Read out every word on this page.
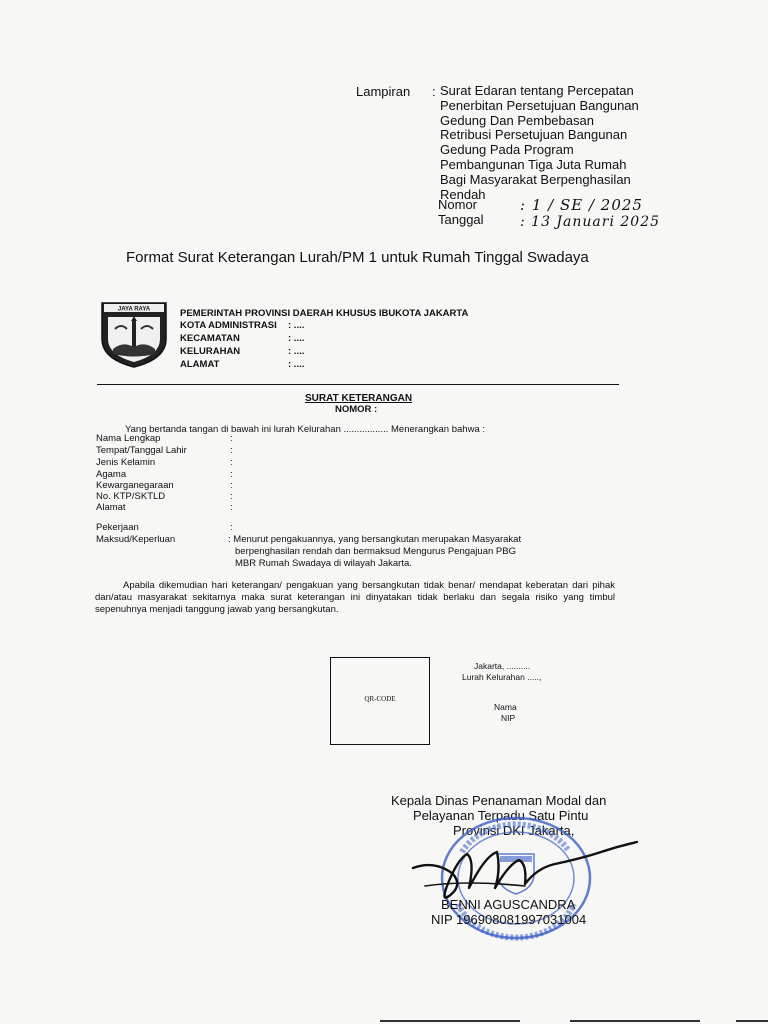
Lampiran : Surat Edaran tentang Percepatan
Penerbitan Persetujuan Bangunan
Gedung Dan Pembebasan
Retribusi Persetujuan Bangunan
Gedung Pada Program
Pembangunan Tiga Juta Rumah
Bagi Masyarakat Berpenghasilan
Rendah
Nomor	: 1 / SE / 2025
Tanggal	: 13 Januari 2025
Format Surat Keterangan Lurah/PM 1 untuk Rumah Tinggal Swadaya
JAYA RAYA	PEMERINTAH PROVINSI DAERAH KHUSUS IBUKOTA JAKARTA
KOTA ADMINISTRASI : ....
KECAMATAN	: ....
KELURAHAN	: ....
ALAMAT	: ....
SURAT KETERANGAN
NOMOR :
Yang bertanda tangan di bawah ini lurah Kelurahan ................. Menerangkan bahwa :
Nama Lengkap	:
Tempat/Tanggal Lahir	:
Jenis Kelamin	:
Agama	:
Kewarganegaraan	:
No. KTP/SKTLD	:
Alamat	:
Pekerjaan	:
Maksud/Keperluan	: Menurut pengakuannya, yang bersangkutan merupakan Masyarakat
berpenghasilan rendah dan bermaksud Mengurus Pengajuan PBG
MBR Rumah Swadaya di wilayah Jakarta.
Apabila dikemudian hari keterangan/ pengakuan yang bersangkutan tidak benar/ mendapat keberatan dari pihak dan/atau masyarakat sekitarnya maka surat keterangan ini dinyatakan tidak berlaku dan segala risiko yang timbul sepenuhnya menjadi tanggung jawab yang bersangkutan.
QR-CODE
Jakarta, ..........
Lurah Kelurahan .....,
Nama
NIP
Kepala Dinas Penanaman Modal dan
Pelayanan Terpadu Satu Pintu
Provinsi DKI Jakarta,
BENNI AGUSCANDRA
NIP 196908081997031004
